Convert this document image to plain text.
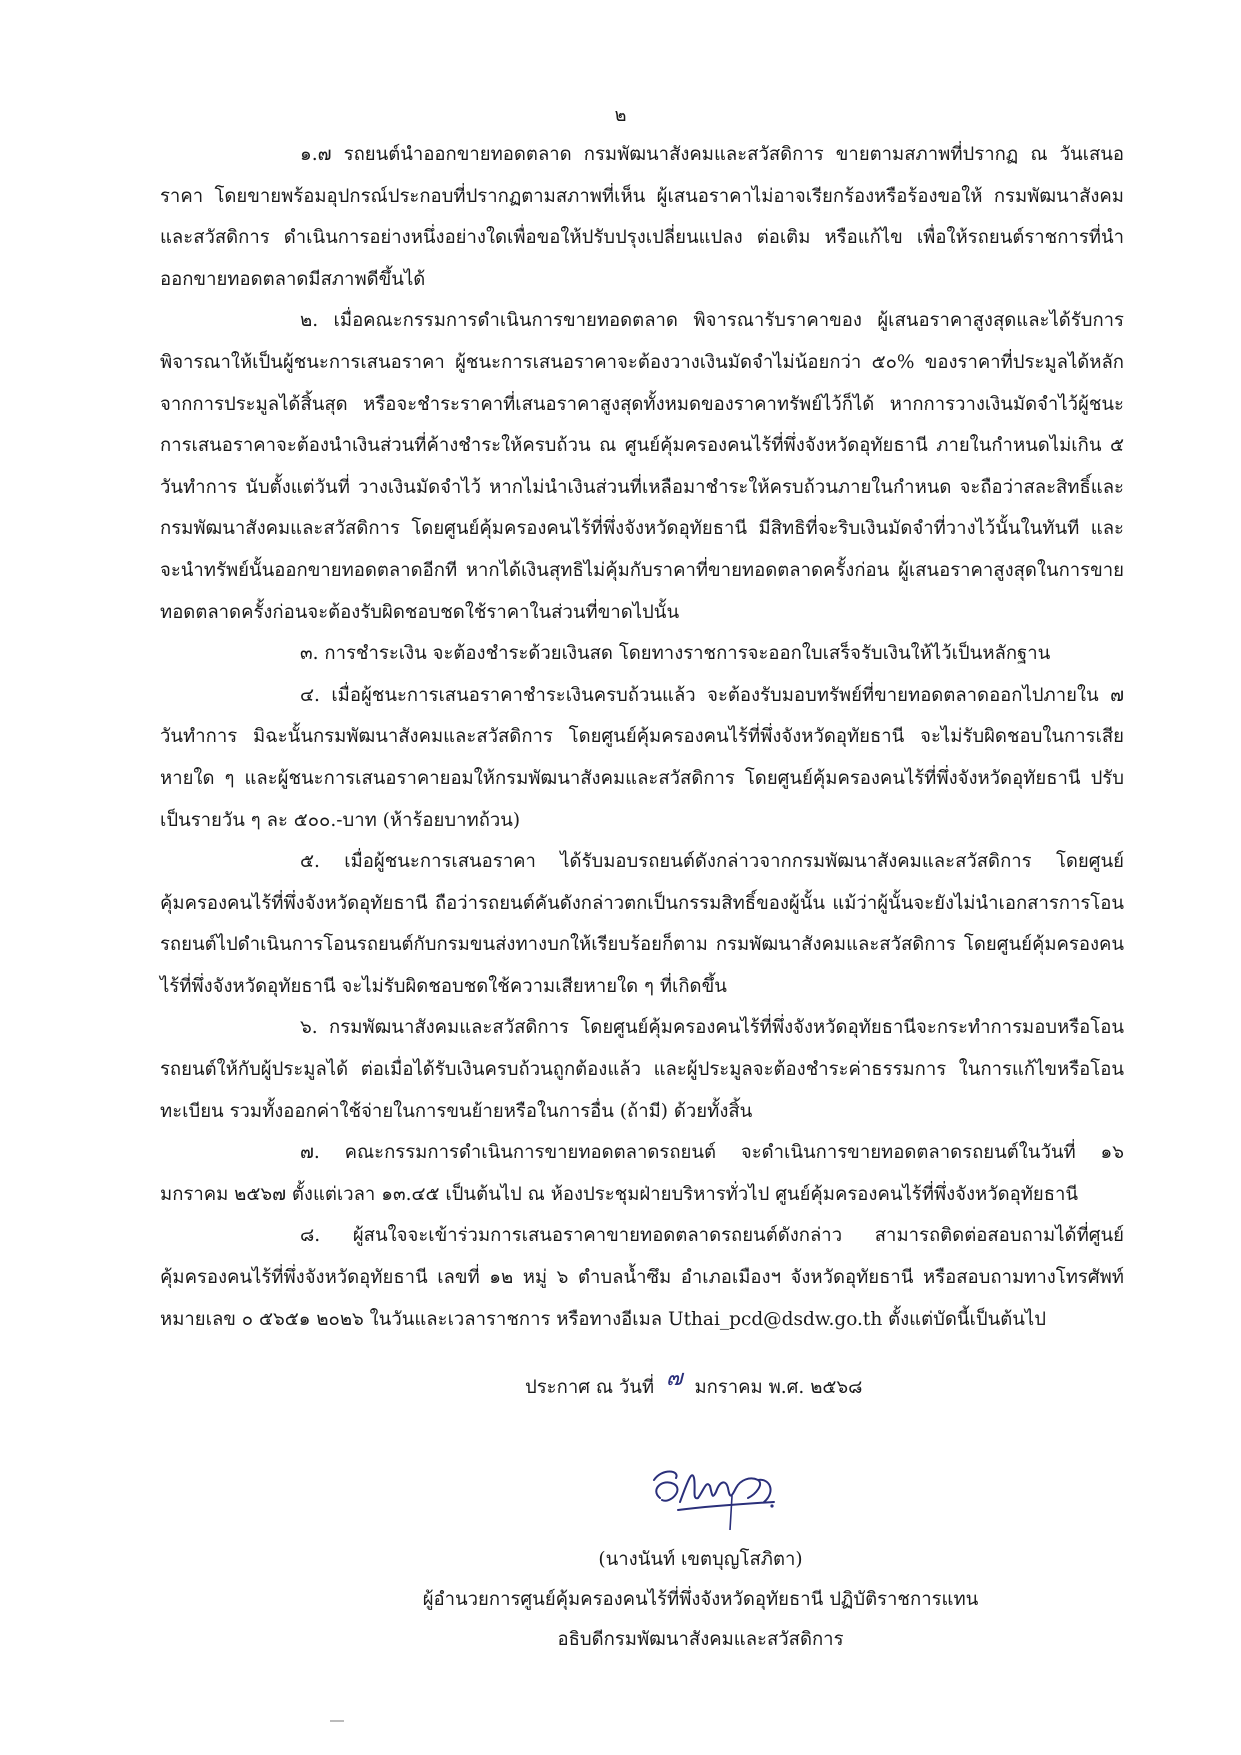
๒

๑.๗ รถยนต์นำออกขายทอดตลาด กรมพัฒนาสังคมและสวัสดิการ ขายตามสภาพที่ปรากฏ ณ วันเสนอราคา โดยขายพร้อมอุปกรณ์ประกอบที่ปรากฏตามสภาพที่เห็น ผู้เสนอราคาไม่อาจเรียกร้องหรือร้องขอให้ กรมพัฒนาสังคมและสวัสดิการ ดำเนินการอย่างหนึ่งอย่างใดเพื่อขอให้ปรับปรุงเปลี่ยนแปลง ต่อเติม หรือแก้ไข เพื่อให้รถยนต์ราชการที่นำออกขายทอดตลาดมีสภาพดีขึ้นได้

๒. เมื่อคณะกรรมการดำเนินการขายทอดตลาด พิจารณารับราคาของ ผู้เสนอราคาสูงสุดและได้รับการพิจารณาให้เป็นผู้ชนะการเสนอราคา ผู้ชนะการเสนอราคาจะต้องวางเงินมัดจำไม่น้อยกว่า ๕๐% ของราคาที่ประมูลได้หลักจากการประมูลได้สิ้นสุด หรือจะชำระราคาที่เสนอราคาสูงสุดทั้งหมดของราคาทรัพย์ไว้ก็ได้ หากการวางเงินมัดจำไว้ผู้ชนะการเสนอราคาจะต้องนำเงินส่วนที่ค้างชำระให้ครบถ้วน ณ ศูนย์คุ้มครองคนไร้ที่พึ่งจังหวัดอุทัยธานี ภายในกำหนดไม่เกิน ๕ วันทำการ นับตั้งแต่วันที่ วางเงินมัดจำไว้ หากไม่นำเงินส่วนที่เหลือมาชำระให้ครบถ้วนภายในกำหนด จะถือว่าสละสิทธิ์และกรมพัฒนาสังคมและสวัสดิการ โดยศูนย์คุ้มครองคนไร้ที่พึ่งจังหวัดอุทัยธานี มีสิทธิที่จะริบเงินมัดจำที่วางไว้นั้นในทันที และจะนำทรัพย์นั้นออกขายทอดตลาดอีกที หากได้เงินสุทธิไม่คุ้มกับราคาที่ขายทอดตลาดครั้งก่อน ผู้เสนอราคาสูงสุดในการขายทอดตลาดครั้งก่อนจะต้องรับผิดชอบชดใช้ราคาในส่วนที่ขาดไปนั้น

๓. การชำระเงิน จะต้องชำระด้วยเงินสด โดยทางราชการจะออกใบเสร็จรับเงินให้ไว้เป็นหลักฐาน

๔. เมื่อผู้ชนะการเสนอราคาชำระเงินครบถ้วนแล้ว จะต้องรับมอบทรัพย์ที่ขายทอดตลาดออกไปภายใน ๗ วันทำการ มิฉะนั้นกรมพัฒนาสังคมและสวัสดิการ โดยศูนย์คุ้มครองคนไร้ที่พึ่งจังหวัดอุทัยธานี จะไม่รับผิดชอบในการเสียหายใด ๆ และผู้ชนะการเสนอราคายอมให้กรมพัฒนาสังคมและสวัสดิการ โดยศูนย์คุ้มครองคนไร้ที่พึ่งจังหวัดอุทัยธานี ปรับเป็นรายวัน ๆ ละ ๕๐๐.-บาท (ห้าร้อยบาทถ้วน)

๕. เมื่อผู้ชนะการเสนอราคา ได้รับมอบรถยนต์ดังกล่าวจากกรมพัฒนาสังคมและสวัสดิการ โดยศูนย์คุ้มครองคนไร้ที่พึ่งจังหวัดอุทัยธานี ถือว่ารถยนต์คันดังกล่าวตกเป็นกรรมสิทธิ์ของผู้นั้น แม้ว่าผู้นั้นจะยังไม่นำเอกสารการโอนรถยนต์ไปดำเนินการโอนรถยนต์กับกรมขนส่งทางบกให้เรียบร้อยก็ตาม กรมพัฒนาสังคมและสวัสดิการ โดยศูนย์คุ้มครองคนไร้ที่พึ่งจังหวัดอุทัยธานี จะไม่รับผิดชอบชดใช้ความเสียหายใด ๆ ที่เกิดขึ้น

๖. กรมพัฒนาสังคมและสวัสดิการ โดยศูนย์คุ้มครองคนไร้ที่พึ่งจังหวัดอุทัยธานีจะกระทำการมอบหรือโอนรถยนต์ให้กับผู้ประมูลได้ ต่อเมื่อได้รับเงินครบถ้วนถูกต้องแล้ว และผู้ประมูลจะต้องชำระค่าธรรมการ ในการแก้ไขหรือโอนทะเบียน รวมทั้งออกค่าใช้จ่ายในการขนย้ายหรือในการอื่น (ถ้ามี) ด้วยทั้งสิ้น

๗. คณะกรรมการดำเนินการขายทอดตลาดรถยนต์ จะดำเนินการขายทอดตลาดรถยนต์ในวันที่ ๑๖ มกราคม ๒๕๖๗ ตั้งแต่เวลา ๑๓.๔๕ เป็นต้นไป ณ ห้องประชุมฝ่ายบริหารทั่วไป ศูนย์คุ้มครองคนไร้ที่พึ่งจังหวัดอุทัยธานี

๘. ผู้สนใจจะเข้าร่วมการเสนอราคาขายทอดตลาดรถยนต์ดังกล่าว สามารถติดต่อสอบถามได้ที่ศูนย์คุ้มครองคนไร้ที่พึ่งจังหวัดอุทัยธานี เลขที่ ๑๒ หมู่ ๖ ตำบลน้ำซึม อำเภอเมืองฯ จังหวัดอุทัยธานี หรือสอบถามทางโทรศัพท์หมายเลข ๐ ๕๖๕๑ ๒๐๒๖ ในวันและเวลาราชการ หรือทางอีเมล Uthai_pcd@dsdw.go.th ตั้งแต่บัดนี้เป็นต้นไป

ประกาศ ณ วันที่ ๗ มกราคม พ.ศ. ๒๕๖๘
(นางนันท์ เขตบุญโสภิตา)
ผู้อำนวยการศูนย์คุ้มครองคนไร้ที่พึ่งจังหวัดอุทัยธานี ปฏิบัติราชการแทน
อธิบดีกรมพัฒนาสังคมและสวัสดิการ
